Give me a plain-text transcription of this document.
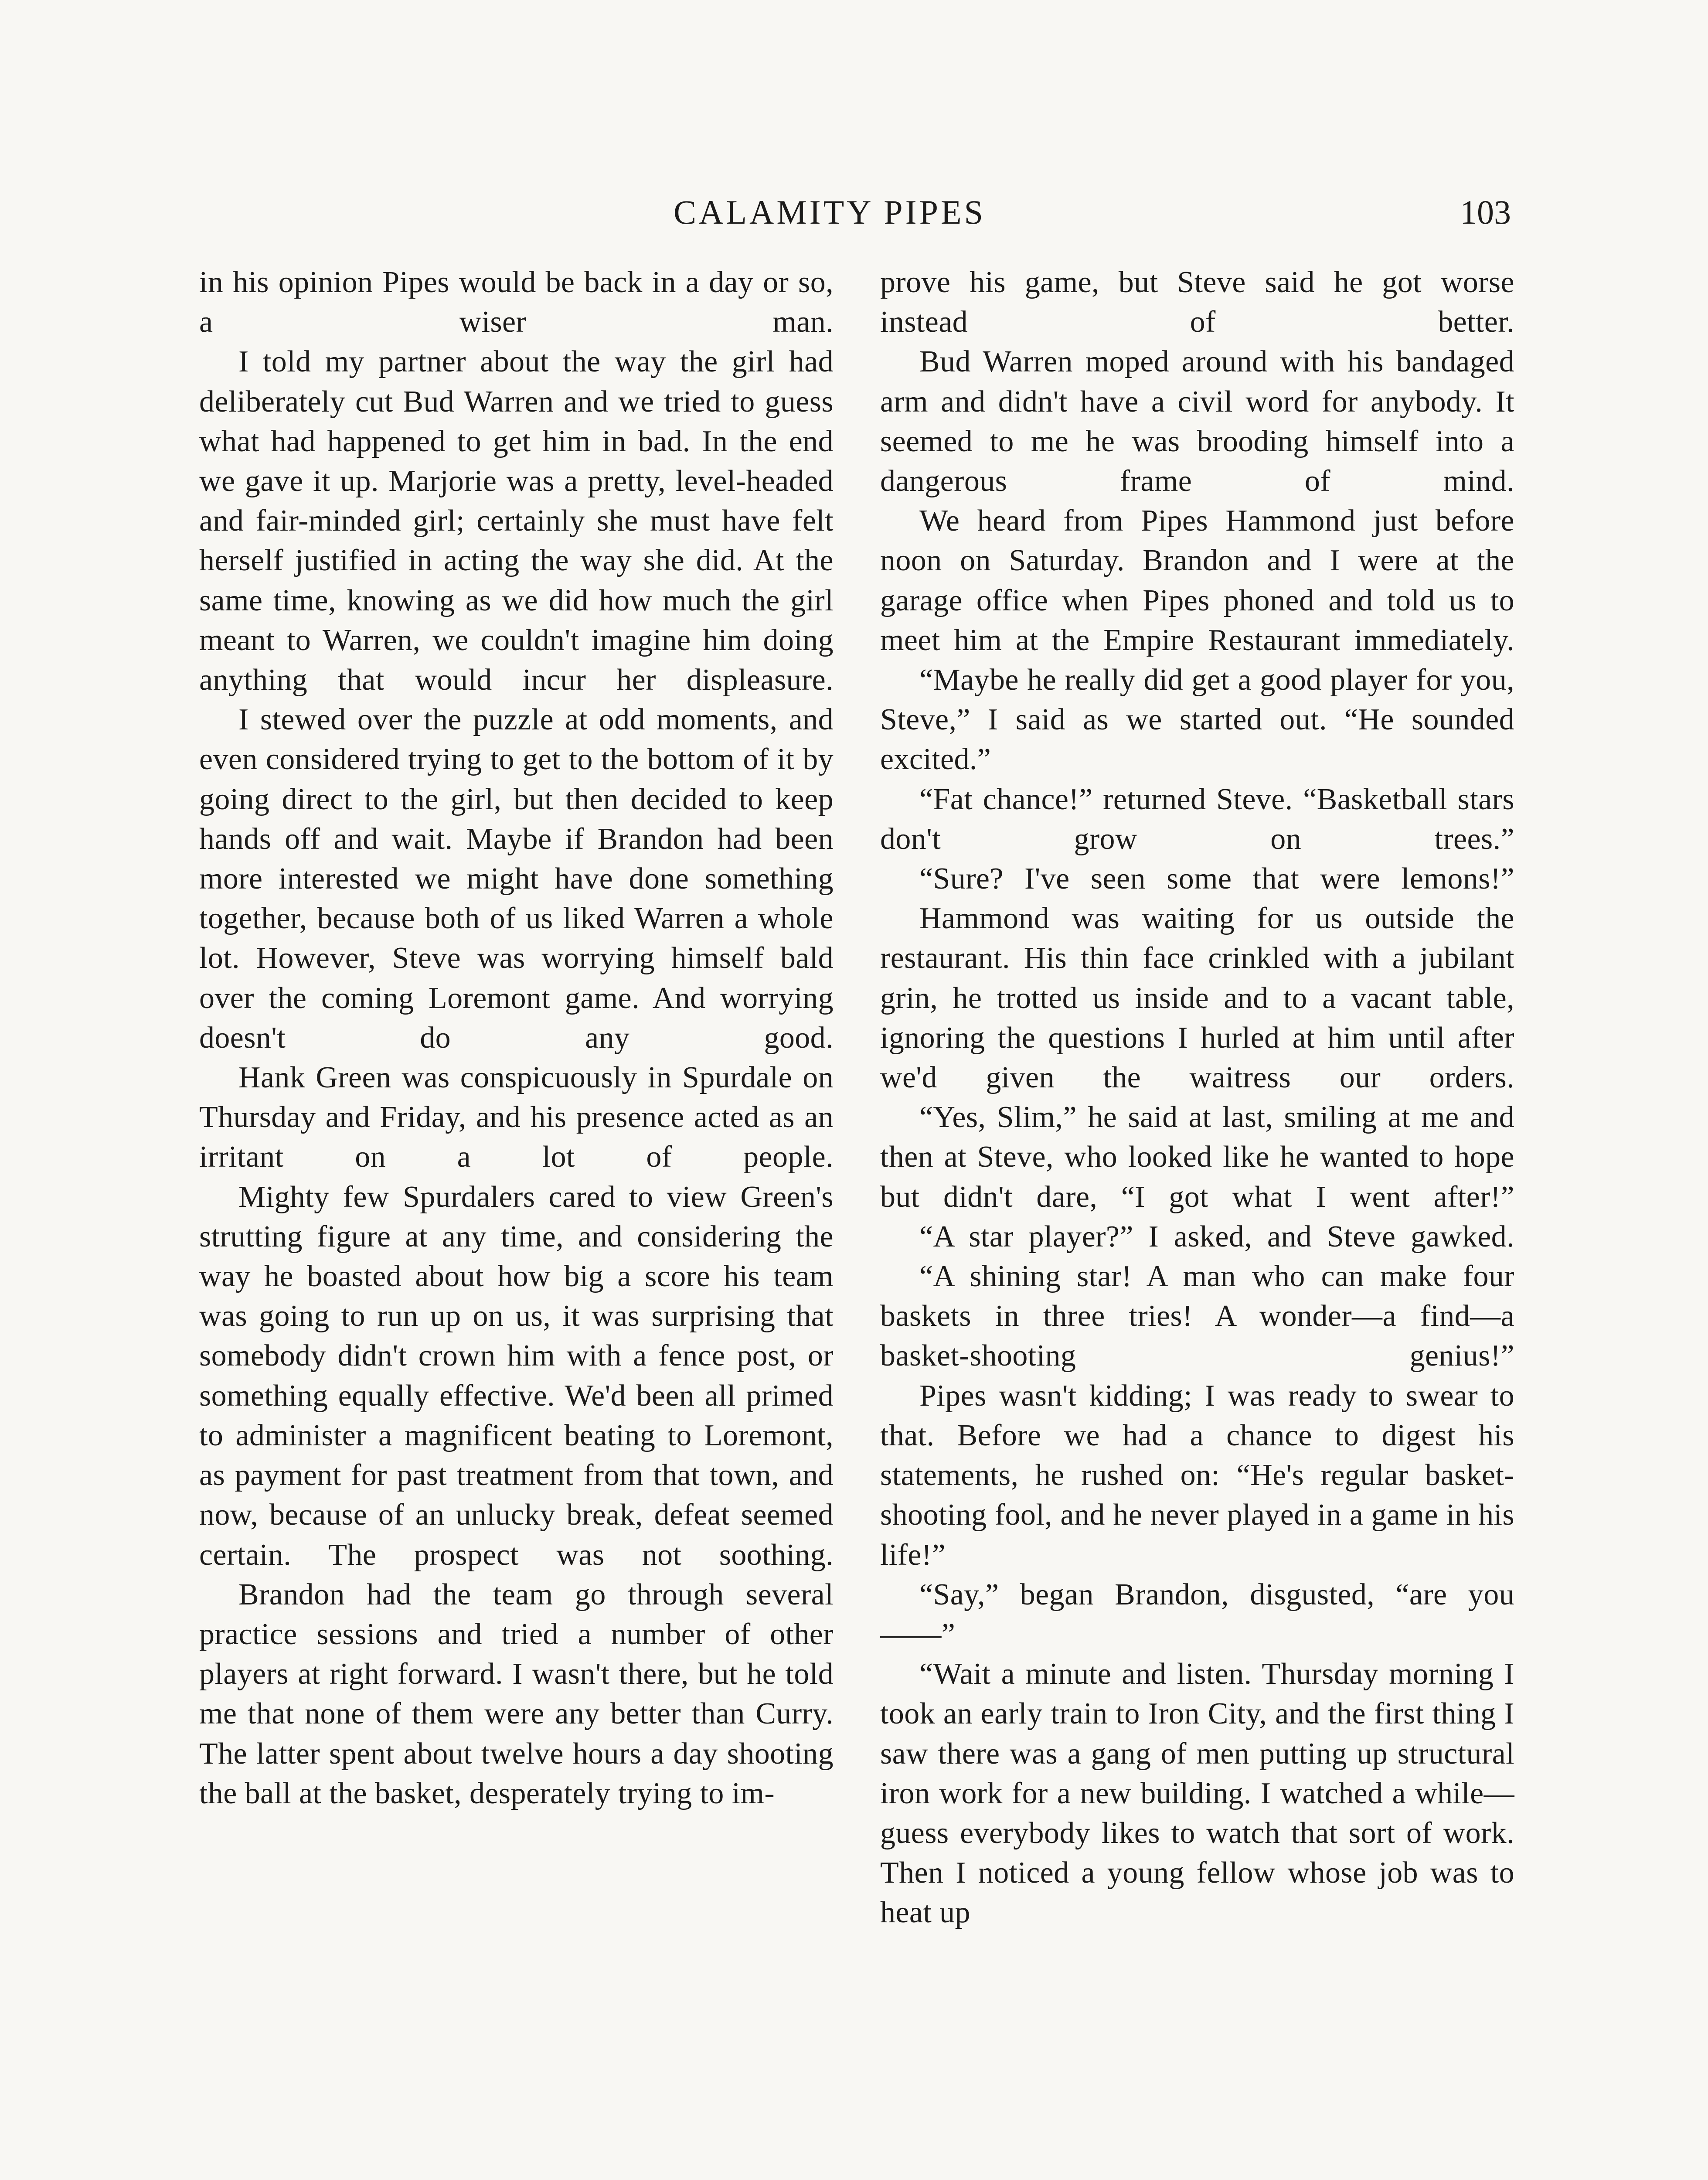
CALAMITY PIPES	103

in his opinion Pipes would be back in a day or so, a wiser man.

I told my partner about the way the girl had deliberately cut Bud Warren and we tried to guess what had happened to get him in bad. In the end we gave it up. Marjorie was a pretty, level-headed and fair-minded girl; certainly she must have felt herself justified in acting the way she did. At the same time, knowing as we did how much the girl meant to Warren, we couldn't imagine him doing anything that would incur her displeasure.

I stewed over the puzzle at odd moments, and even considered trying to get to the bottom of it by going direct to the girl, but then decided to keep hands off and wait. Maybe if Brandon had been more interested we might have done something together, because both of us liked Warren a whole lot. However, Steve was worrying himself bald over the coming Loremont game. And worrying doesn't do any good.

Hank Green was conspicuously in Spurdale on Thursday and Friday, and his presence acted as an irritant on a lot of people.

Mighty few Spurdalers cared to view Green's strutting figure at any time, and considering the way he boasted about how big a score his team was going to run up on us, it was surprising that somebody didn't crown him with a fence post, or something equally effective. We'd been all primed to administer a magnificent beating to Loremont, as payment for past treatment from that town, and now, because of an unlucky break, defeat seemed certain. The prospect was not soothing.

Brandon had the team go through several practice sessions and tried a number of other players at right forward. I wasn't there, but he told me that none of them were any better than Curry. The latter spent about twelve hours a day shooting the ball at the basket, desperately trying to im-

prove his game, but Steve said he got worse instead of better.

Bud Warren moped around with his bandaged arm and didn't have a civil word for anybody. It seemed to me he was brooding himself into a dangerous frame of mind.

We heard from Pipes Hammond just before noon on Saturday. Brandon and I were at the garage office when Pipes phoned and told us to meet him at the Empire Restaurant immediately.

“Maybe he really did get a good player for you, Steve,” I said as we started out. “He sounded excited.”

“Fat chance!” returned Steve. “Basketball stars don't grow on trees.”

“Sure? I've seen some that were lemons!”

Hammond was waiting for us outside the restaurant. His thin face crinkled with a jubilant grin, he trotted us inside and to a vacant table, ignoring the questions I hurled at him until after we'd given the waitress our orders.

“Yes, Slim,” he said at last, smiling at me and then at Steve, who looked like he wanted to hope but didn't dare, “I got what I went after!”

“A star player?” I asked, and Steve gawked.

“A shining star! A man who can make four baskets in three tries! A wonder—a find—a basket-shooting genius!”

Pipes wasn't kidding; I was ready to swear to that. Before we had a chance to digest his statements, he rushed on: “He's regular basket-shooting fool, and he never played in a game in his life!”

“Say,” began Brandon, disgusted, “are you——”

“Wait a minute and listen. Thursday morning I took an early train to Iron City, and the first thing I saw there was a gang of men putting up structural iron work for a new building. I watched a while—guess everybody likes to watch that sort of work. Then I noticed a young fellow whose job was to heat up
